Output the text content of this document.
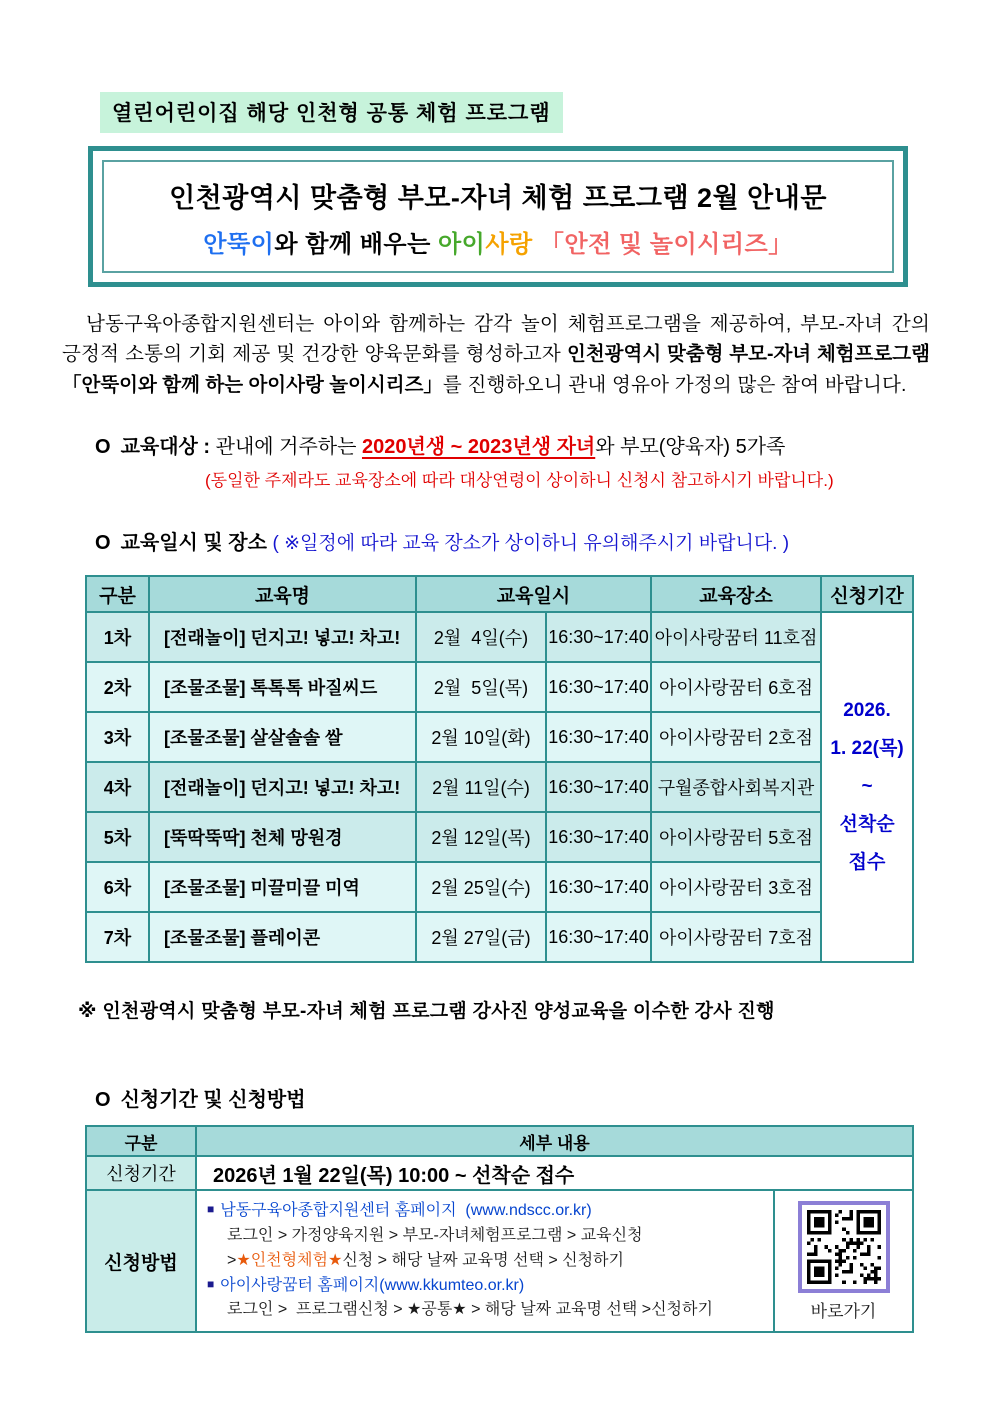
열린어린이집 해당 인천형 공통 체험 프로그램
인천광역시 맞춤형 부모-자녀 체험 프로그램 2월 안내문
안뚝이와 함께 배우는 아이사랑 「안전 및 놀이시리즈」

남동구육아종합지원센터는 아이와 함께하는 감각 놀이 체험프로그램을 제공하여, 부모-자녀 간의 긍정적 소통의 기회 제공 및 건강한 양육문화를 형성하고자 인천광역시 맞춤형 부모-자녀 체험프로그램 「안뚝이와 함께 하는 아이사랑 놀이시리즈」를 진행하오니 관내 영유아 가정의 많은 참여 바랍니다.

O 교육대상 : 관내에 거주하는 2020년생 ~ 2023년생 자녀와 부모(양육자) 5가족
(동일한 주제라도 교육장소에 따라 대상연령이 상이하니 신청시 참고하시기 바랍니다.)
O 교육일시 및 장소 ( ※일정에 따라 교육 장소가 상이하니 유의해주시기 바랍니다. )
구분	교육명	교육일시		교육장소	신청기간
1차	[전래놀이] 던지고! 넣고! 차고!	2월  4일(수)	16:30~17:40	아이사랑꿈터 11호점	2026.
1. 22(목)
~
선착순
접수
2차	[조물조물] 톡톡톡 바질씨드	2월  5일(목)	16:30~17:40	아이사랑꿈터 6호점	
3차	[조물조물] 살살솔솔 쌀	2월 10일(화)	16:30~17:40	아이사랑꿈터 2호점	
4차	[전래놀이] 던지고! 넣고! 차고!	2월 11일(수)	16:30~17:40	구월종합사회복지관	
5차	[뚝딱뚝딱] 천체 망원경	2월 12일(목)	16:30~17:40	아이사랑꿈터 5호점	
6차	[조물조물] 미끌미끌 미역	2월 25일(수)	16:30~17:40	아이사랑꿈터 3호점	
7차	[조물조물] 플레이콘	2월 27일(금)	16:30~17:40	아이사랑꿈터 7호점	
※ 인천광역시 맞춤형 부모-자녀 체험 프로그램 강사진 양성교육을 이수한 강사 진행
O 신청기간 및 신청방법
구분	세부 내용	
신청기간	2026년 1월 22일(목) 10:00 ~ 선착순 접수	
신청방법	■ 남동구육아종합지원센터 홈페이지  (www.ndscc.or.kr)
로그인 > 가정양육지원 > 부모-자녀체험프로그램 > 교육신청
>★인천형체험★신청 > 해당 날짜 교육명 선택 > 신청하기
■ 아이사랑꿈터 홈페이지(www.kkumteo.or.kr)
로그인 >  프로그램신청 > ★공통★ > 해당 날짜 교육명 선택 >신청하기	바로가기
